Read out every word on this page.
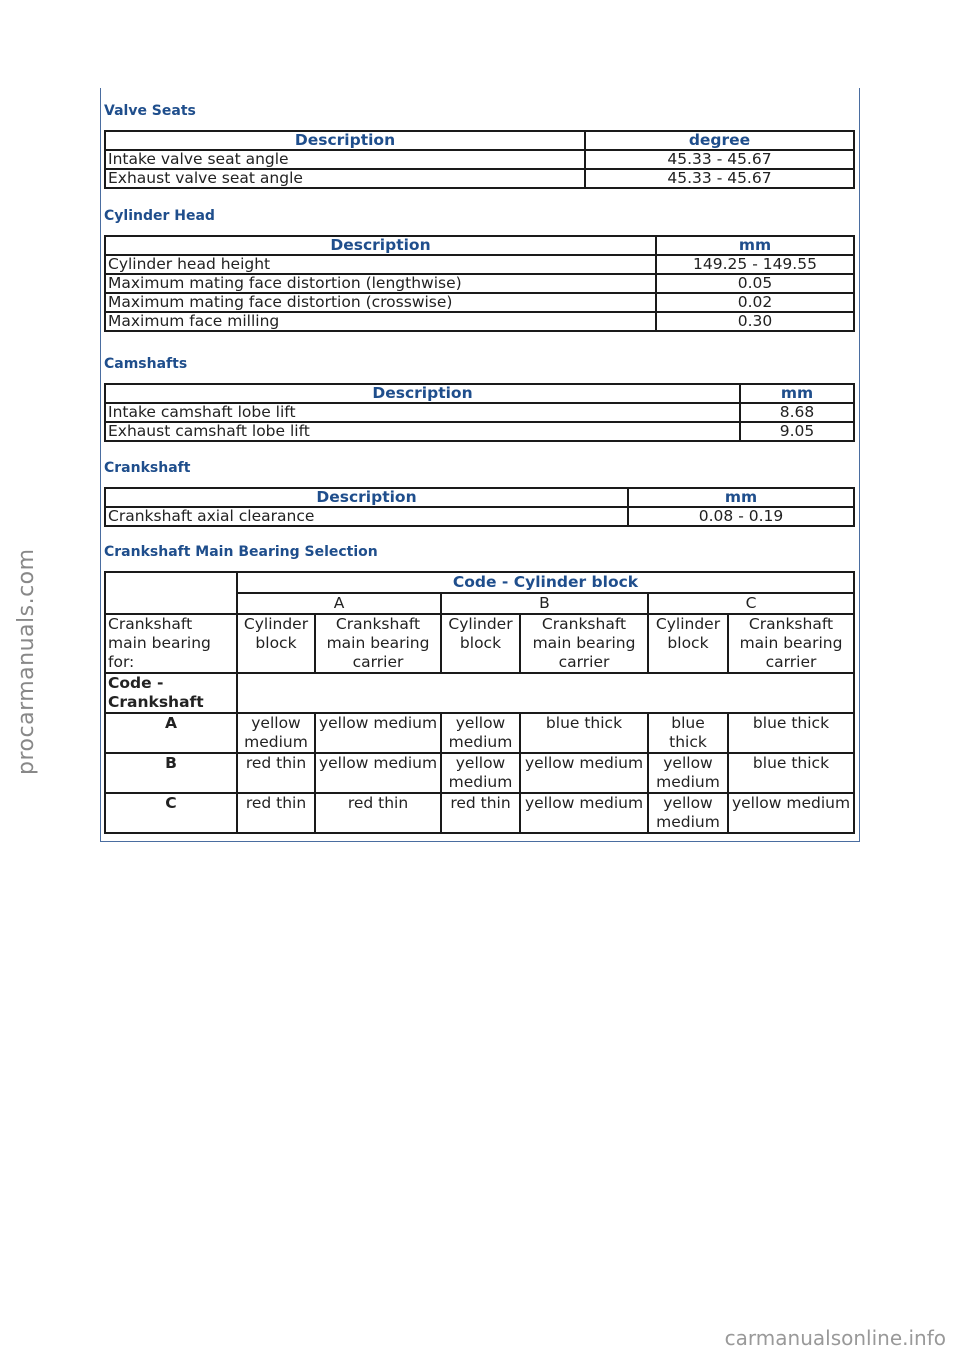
Valve Seats
Description	degree
Intake valve seat angle	45.33 - 45.67
Exhaust valve seat angle	45.33 - 45.67
Cylinder Head
Description	mm
Cylinder head height	149.25 - 149.55
Maximum mating face distortion (lengthwise)	0.05
Maximum mating face distortion (crosswise)	0.02
Maximum face milling	0.30
Camshafts
Description	mm
Intake camshaft lobe lift	8.68
Exhaust camshaft lobe lift	9.05
Crankshaft
Description	mm
Crankshaft axial clearance	0.08 - 0.19
Crankshaft Main Bearing Selection
	Code - Cylinder block					
	A		B		C	
Crankshaft main bearing for:	Cylinder block	Crankshaft main bearing carrier	Cylinder block	Crankshaft main bearing carrier	Cylinder block	Crankshaft main bearing carrier
Code - Crankshaft						
A	yellow medium	yellow medium	yellow medium	blue thick	blue thick	blue thick
B	red thin	yellow medium	yellow medium	yellow medium	yellow medium	blue thick
C	red thin	red thin	red thin	yellow medium	yellow medium	yellow medium
procarmanuals.com
carmanualsonline.info
